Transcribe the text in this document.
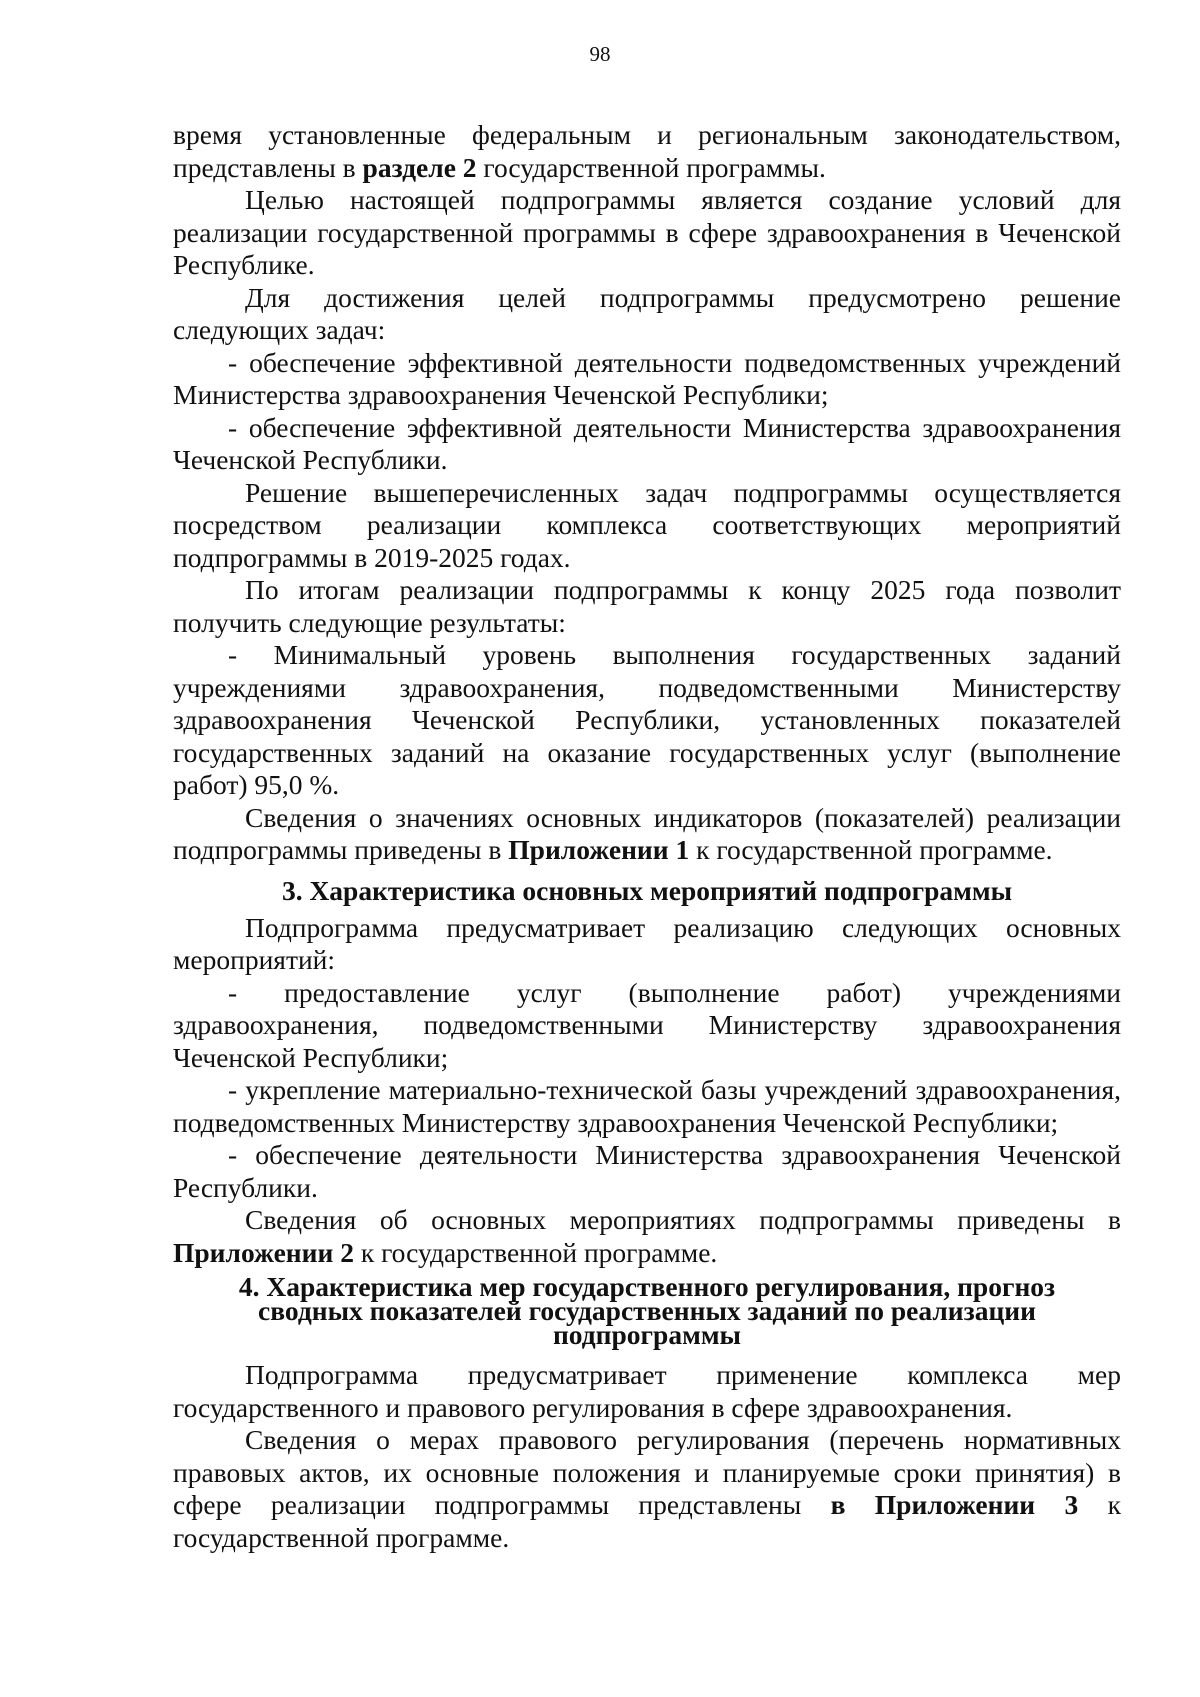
98

время установленные федеральным и региональным законодательством, представлены в разделе 2 государственной программы.

Целью настоящей подпрограммы является создание условий для реализации государственной программы в сфере здравоохранения в Чеченской Республике.

Для достижения целей подпрограммы предусмотрено решение следующих задач:

- обеспечение эффективной деятельности подведомственных учреждений Министерства здравоохранения Чеченской Республики;

- обеспечение эффективной деятельности Министерства здравоохранения Чеченской Республики.

Решение вышеперечисленных задач подпрограммы осуществляется посредством реализации комплекса соответствующих мероприятий подпрограммы в 2019-2025 годах.

По итогам реализации подпрограммы к концу 2025 года позволит получить следующие результаты:

- Минимальный уровень выполнения государственных заданий учреждениями здравоохранения, подведомственными Министерству здравоохранения Чеченской Республики, установленных показателей государственных заданий на оказание государственных услуг (выполнение работ) 95,0 %.

Сведения о значениях основных индикаторов (показателей) реализации подпрограммы приведены в Приложении 1 к государственной программе.

3. Характеристика основных мероприятий подпрограммы

Подпрограмма предусматривает реализацию следующих основных мероприятий:

- предоставление услуг (выполнение работ) учреждениями здравоохранения, подведомственными Министерству здравоохранения Чеченской Республики;

- укрепление материально-технической базы учреждений здравоохранения, подведомственных Министерству здравоохранения Чеченской Республики;

- обеспечение деятельности Министерства здравоохранения Чеченской Республики.

Сведения об основных мероприятиях подпрограммы приведены в Приложении 2 к государственной программе.

4. Характеристика мер государственного регулирования, прогноз
сводных показателей государственных заданий по реализации
подпрограммы

Подпрограмма предусматривает применение комплекса мер государственного и правового регулирования в сфере здравоохранения.

Сведения о мерах правового регулирования (перечень нормативных правовых актов, их основные положения и планируемые сроки принятия) в сфере реализации подпрограммы представлены в Приложении 3 к государственной программе.
